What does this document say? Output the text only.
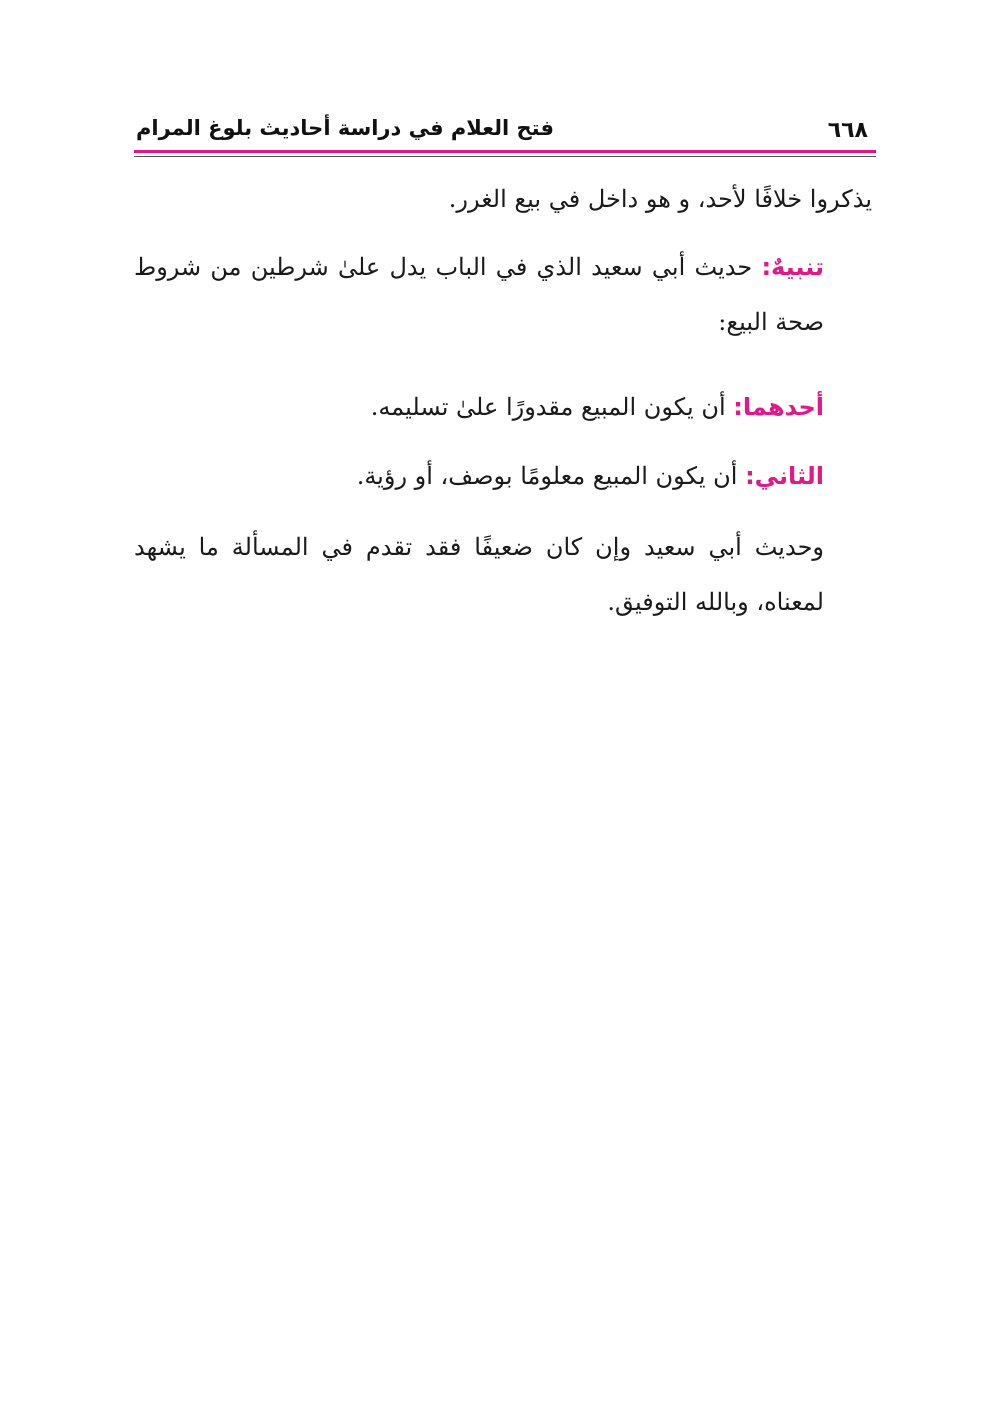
٦٦٨
فتح العلام في دراسة أحاديث بلوغ المرام

يذكروا خلافًا لأحد، و هو داخل في بيع الغرر.

تنبيهٌ: حديث أبي سعيد الذي في الباب يدل علىٰ شرطين من شروط صحة البيع:

أحدهما: أن يكون المبيع مقدورًا علىٰ تسليمه.

الثاني: أن يكون المبيع معلومًا بوصف، أو رؤية.

وحديث أبي سعيد وإن كان ضعيفًا فقد تقدم في المسألة ما يشهد لمعناه، وبالله التوفيق.
